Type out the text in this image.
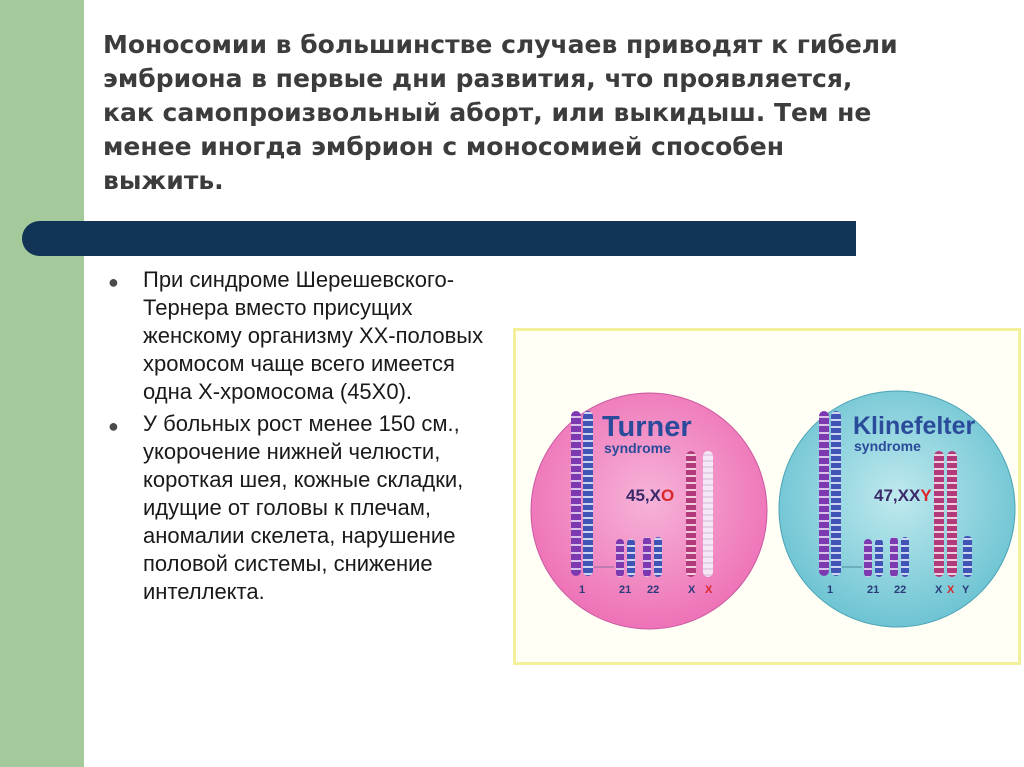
Моносомии в большинстве случаев приводят к гибели эмбриона в первые дни развития, что проявляется, как самопроизвольный аборт, или выкидыш. Тем не менее иногда эмбрион с моносомией способен выжить.
● При синдроме Шерешевского-Тернера вместо присущих женскому организму ХХ-половых хромосом чаще всего имеется одна Х-хромосома (45Х0).
● У больных рост менее 150 см., укорочение нижней челюсти, короткая шея, кожные складки, идущие от головы к плечам, аномалии скелета, нарушение половой системы, снижение интеллекта.
Turner
syndrome
45,XO
1	21 22	X X
Klinefelter
syndrome
47,XXY
1	21 22	X X Y
